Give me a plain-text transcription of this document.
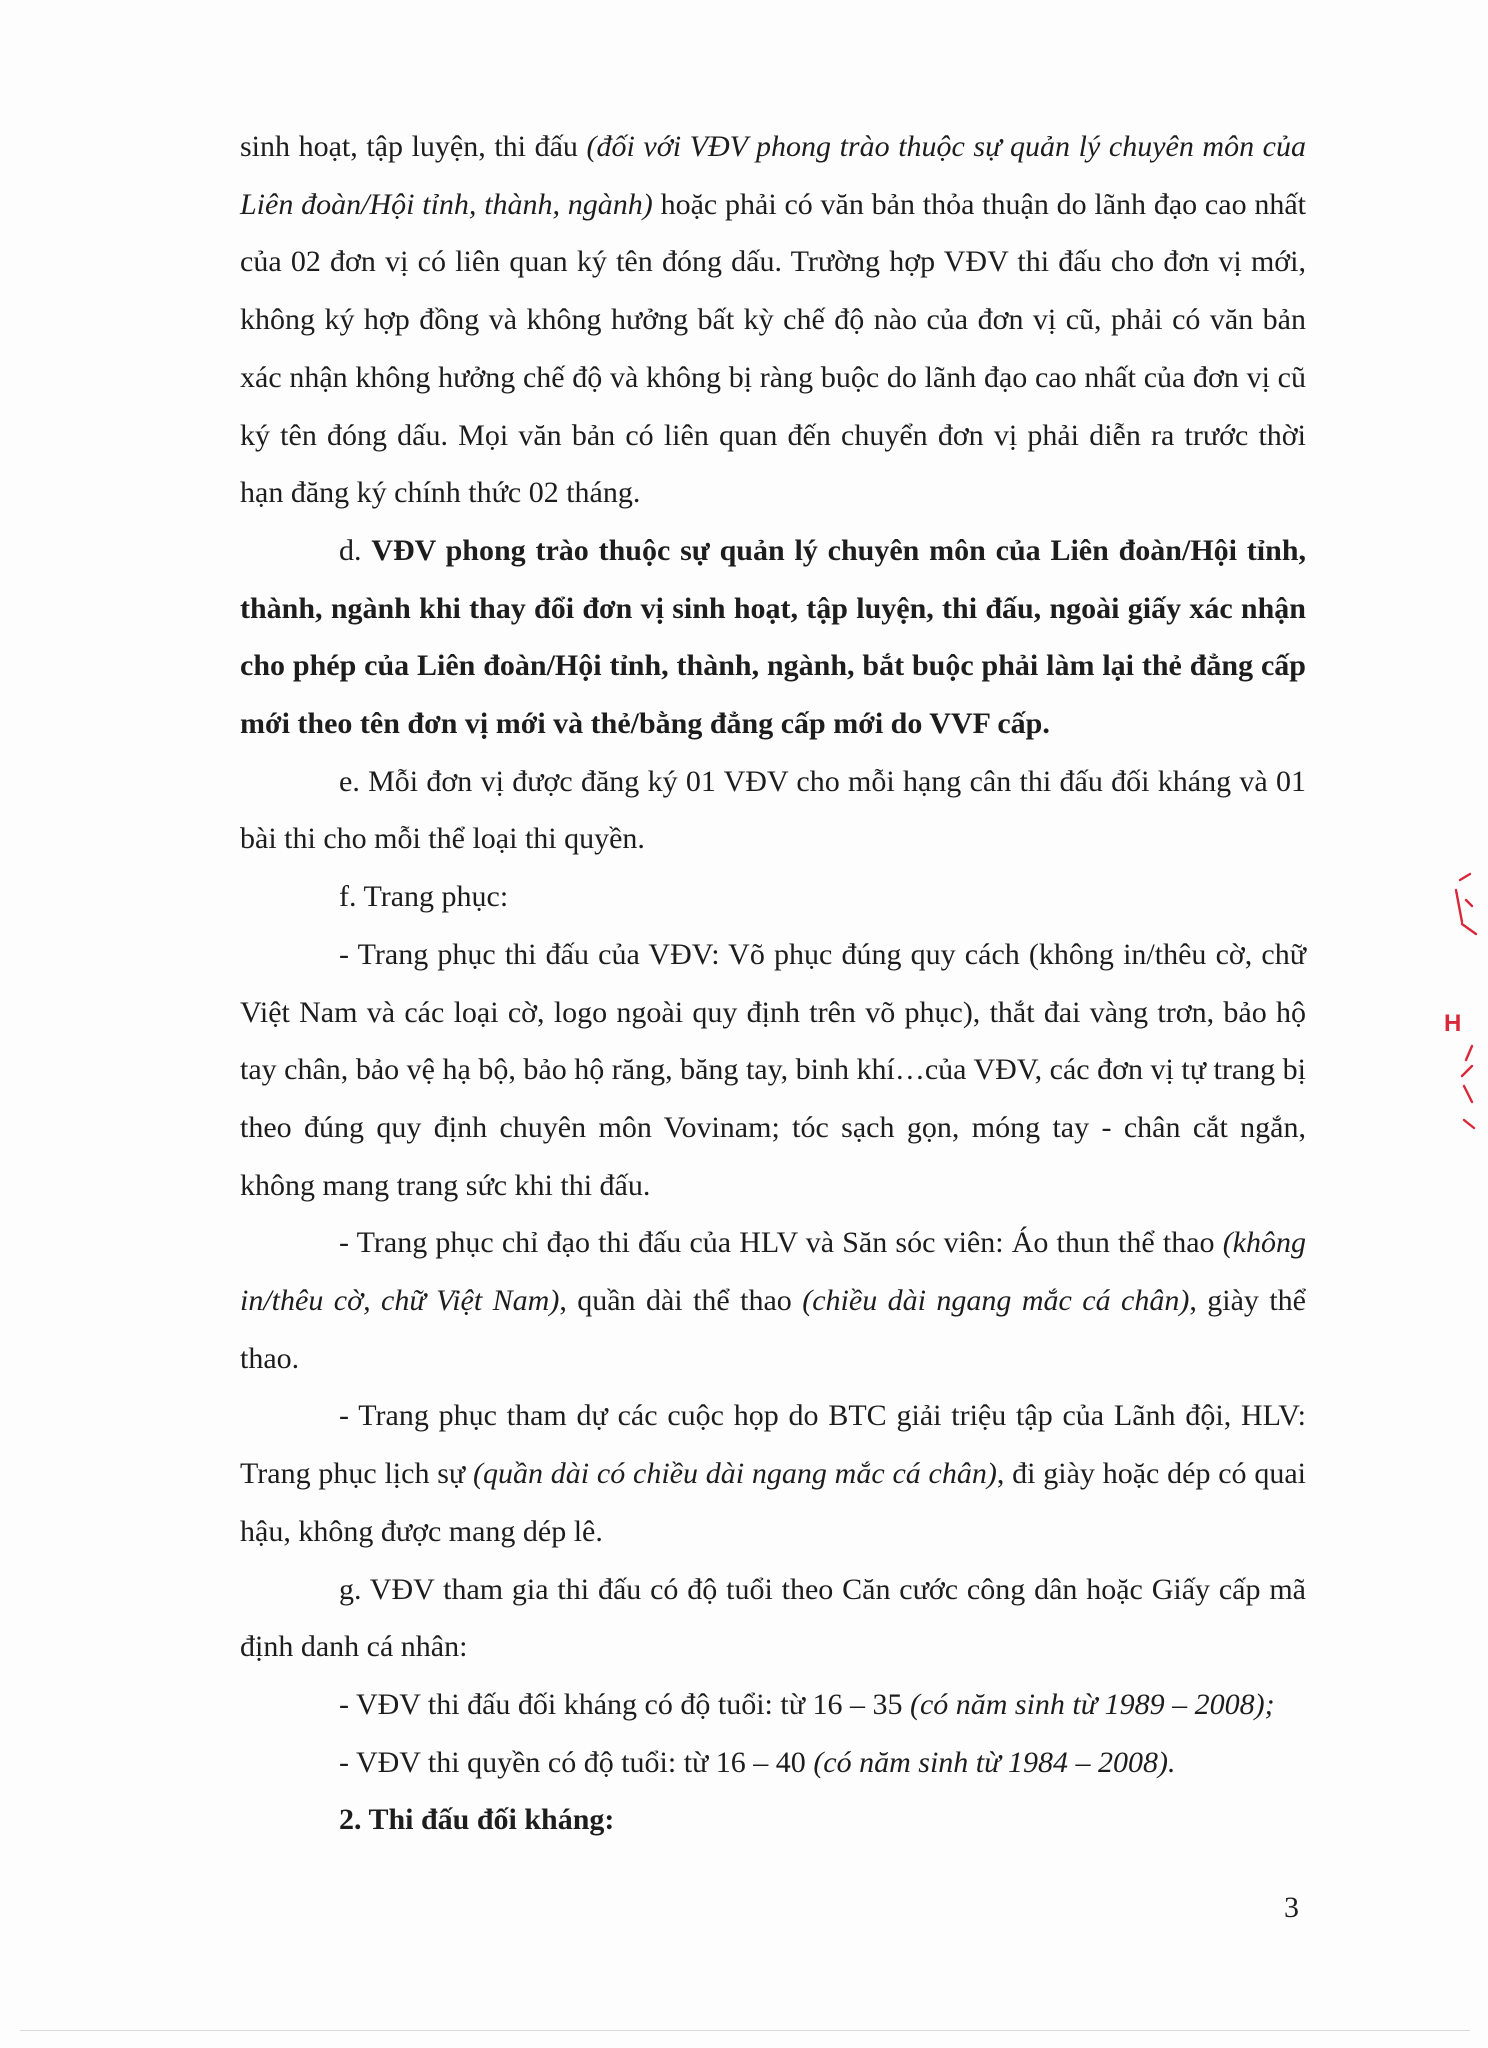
sinh hoạt, tập luyện, thi đấu (đối với VĐV phong trào thuộc sự quản lý chuyên môn của Liên đoàn/Hội tỉnh, thành, ngành) hoặc phải có văn bản thỏa thuận do lãnh đạo cao nhất của 02 đơn vị có liên quan ký tên đóng dấu. Trường hợp VĐV thi đấu cho đơn vị mới, không ký hợp đồng và không hưởng bất kỳ chế độ nào của đơn vị cũ, phải có văn bản xác nhận không hưởng chế độ và không bị ràng buộc do lãnh đạo cao nhất của đơn vị cũ ký tên đóng dấu. Mọi văn bản có liên quan đến chuyển đơn vị phải diễn ra trước thời hạn đăng ký chính thức 02 tháng.

d. VĐV phong trào thuộc sự quản lý chuyên môn của Liên đoàn/Hội tỉnh, thành, ngành khi thay đổi đơn vị sinh hoạt, tập luyện, thi đấu, ngoài giấy xác nhận cho phép của Liên đoàn/Hội tỉnh, thành, ngành, bắt buộc phải làm lại thẻ đẳng cấp mới theo tên đơn vị mới và thẻ/bằng đẳng cấp mới do VVF cấp.

e. Mỗi đơn vị được đăng ký 01 VĐV cho mỗi hạng cân thi đấu đối kháng và 01 bài thi cho mỗi thể loại thi quyền.

f. Trang phục:

- Trang phục thi đấu của VĐV: Võ phục đúng quy cách (không in/thêu cờ, chữ Việt Nam và các loại cờ, logo ngoài quy định trên võ phục), thắt đai vàng trơn, bảo hộ tay chân, bảo vệ hạ bộ, bảo hộ răng, băng tay, binh khí…của VĐV, các đơn vị tự trang bị theo đúng quy định chuyên môn Vovinam; tóc sạch gọn, móng tay - chân cắt ngắn, không mang trang sức khi thi đấu.

- Trang phục chỉ đạo thi đấu của HLV và Săn sóc viên: Áo thun thể thao (không in/thêu cờ, chữ Việt Nam), quần dài thể thao (chiều dài ngang mắc cá chân), giày thể thao.

- Trang phục tham dự các cuộc họp do BTC giải triệu tập của Lãnh đội, HLV: Trang phục lịch sự (quần dài có chiều dài ngang mắc cá chân), đi giày hoặc dép có quai hậu, không được mang dép lê.

g. VĐV tham gia thi đấu có độ tuổi theo Căn cước công dân hoặc Giấy cấp mã định danh cá nhân:

- VĐV thi đấu đối kháng có độ tuổi: từ 16 – 35 (có năm sinh từ 1989 – 2008);

- VĐV thi quyền có độ tuổi: từ 16 – 40 (có năm sinh từ 1984 – 2008).

2. Thi đấu đối kháng:

3
H
